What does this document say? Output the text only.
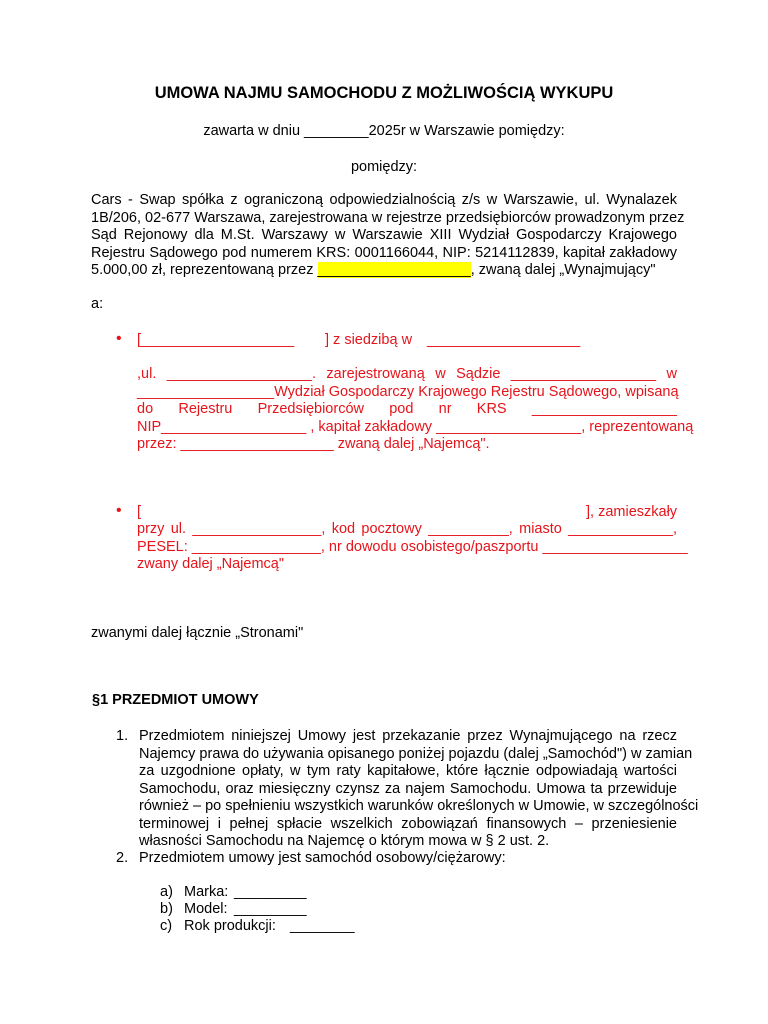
UMOWA NAJMU SAMOCHODU Z MOŻLIWOŚCIĄ WYKUPU
zawarta w dniu ________2025r w Warszawie pomiędzy:
pomiędzy:
Cars - Swap spółka z ograniczoną odpowiedzialnością z/s w Warszawie, ul. Wynalazek
1B/206, 02-677 Warszawa, zarejestrowana w rejestrze przedsiębiorców prowadzonym przez
Sąd Rejonowy dla M.St. Warszawy w Warszawie XIII Wydział Gospodarczy Krajowego
Rejestru Sądowego pod numerem KRS: 0001166044, NIP: 5214112839, kapitał zakładowy
5.000,00 zł, reprezentowaną przez ___________________, zwaną dalej „Wynajmujący"
a:
• [___________________ ] z siedzibą w ___________________
,ul. __________________. zarejestrowaną w Sądzie __________________ w
_________________Wydział Gospodarczy Krajowego Rejestru Sądowego, wpisaną
do Rejestru Przedsiębiorców pod nr KRS __________________
NIP__________________ , kapitał zakładowy __________________, reprezentowaną
przez: ___________________ zwaną dalej „Najemcą".
• [	], zamieszkały
przy ul. ________________, kod pocztowy __________, miasto _____________,
PESEL: ________________, nr dowodu osobistego/paszportu __________________
zwany dalej „Najemcą"
zwanymi dalej łącznie „Stronami"
§1 PRZEDMIOT UMOWY
1. Przedmiotem niniejszej Umowy jest przekazanie przez Wynajmującego na rzecz
Najemcy prawa do używania opisanego poniżej pojazdu (dalej „Samochód") w zamian
za uzgodnione opłaty, w tym raty kapitałowe, które łącznie odpowiadają wartości
Samochodu, oraz miesięczny czynsz za najem Samochodu. Umowa ta przewiduje
również – po spełnieniu wszystkich warunków określonych w Umowie, w szczególności
terminowej i pełnej spłacie wszelkich zobowiązań finansowych – przeniesienie
własności Samochodu na Najemcę o którym mowa w § 2 ust. 2.
2. Przedmiotem umowy jest samochód osobowy/ciężarowy:
a) Marka: _________
b) Model: _________
c) Rok produkcji: ________
